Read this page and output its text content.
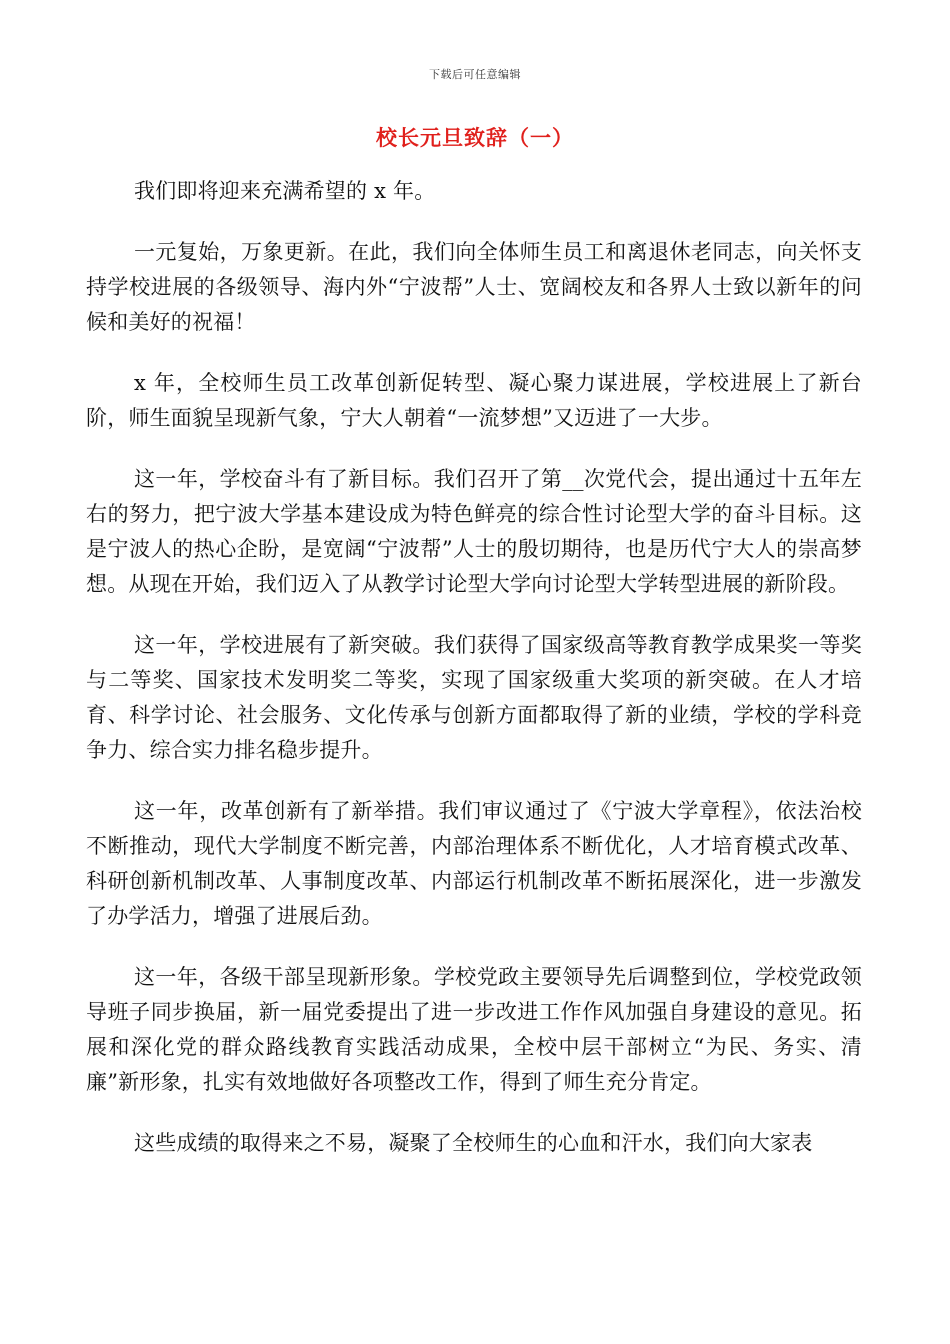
下载后可任意编辑
校长元旦致辞（一）

我们即将迎来充满希望的 x 年。

一元复始，万象更新。在此，我们向全体师生员工和离退休老同志，向关怀支持学校进展的各级领导、海内外“宁波帮”人士、宽阔校友和各界人士致以新年的问候和美好的祝福！

x 年，全校师生员工改革创新促转型、凝心聚力谋进展，学校进展上了新台阶，师生面貌呈现新气象，宁大人朝着“一流梦想”又迈进了一大步。

这一年，学校奋斗有了新目标。我们召开了第__次党代会，提出通过十五年左右的努力，把宁波大学基本建设成为特色鲜亮的综合性讨论型大学的奋斗目标。这是宁波人的热心企盼，是宽阔“宁波帮”人士的殷切期待，也是历代宁大人的崇高梦想。从现在开始，我们迈入了从教学讨论型大学向讨论型大学转型进展的新阶段。

这一年，学校进展有了新突破。我们获得了国家级高等教育教学成果奖一等奖与二等奖、国家技术发明奖二等奖，实现了国家级重大奖项的新突破。在人才培育、科学讨论、社会服务、文化传承与创新方面都取得了新的业绩，学校的学科竞争力、综合实力排名稳步提升。

这一年，改革创新有了新举措。我们审议通过了《宁波大学章程》，依法治校不断推动，现代大学制度不断完善，内部治理体系不断优化，人才培育模式改革、科研创新机制改革、人事制度改革、内部运行机制改革不断拓展深化，进一步激发了办学活力，增强了进展后劲。

这一年，各级干部呈现新形象。学校党政主要领导先后调整到位，学校党政领导班子同步换届，新一届党委提出了进一步改进工作作风加强自身建设的意见。拓展和深化党的群众路线教育实践活动成果，全校中层干部树立“为民、务实、清廉”新形象，扎实有效地做好各项整改工作，得到了师生充分肯定。

这些成绩的取得来之不易，凝聚了全校师生的心血和汗水，我们向大家表
